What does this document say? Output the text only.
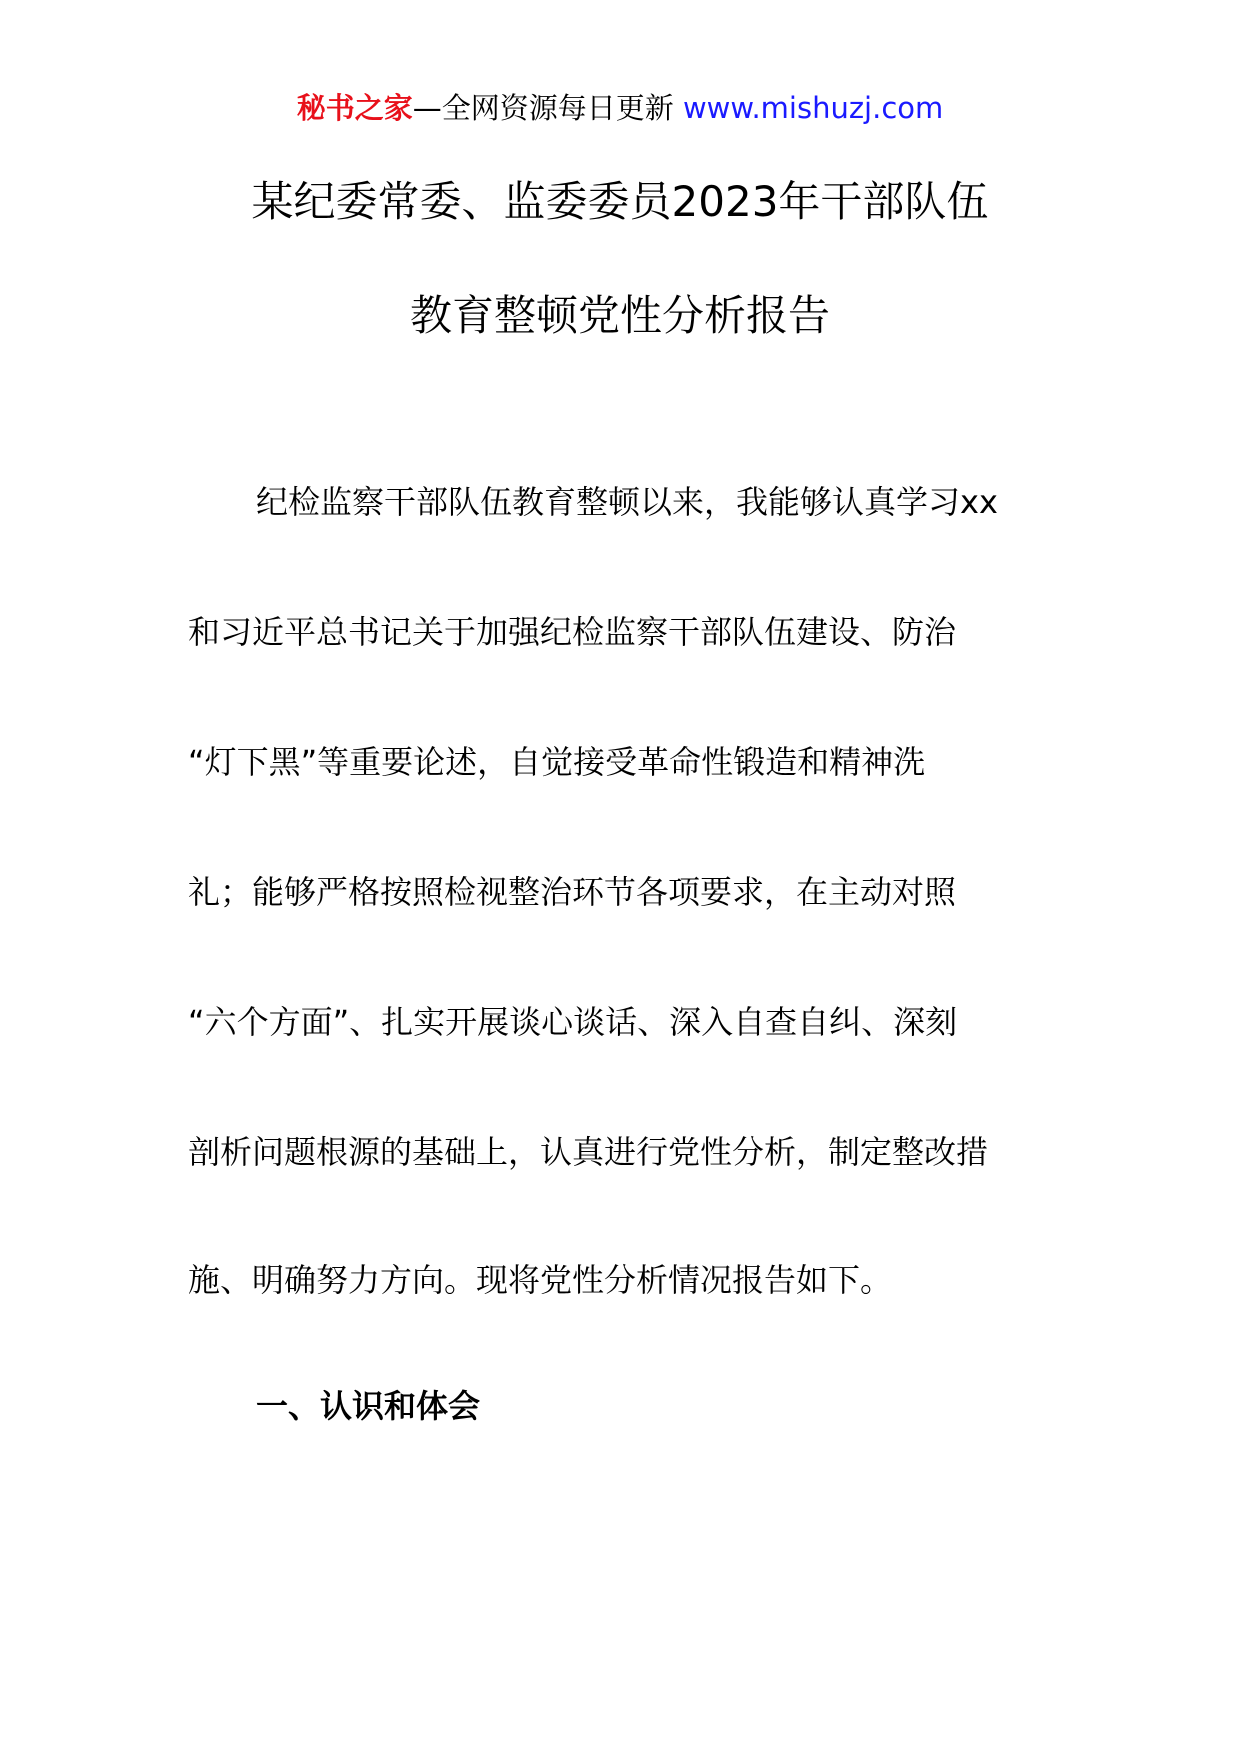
秘书之家—全网资源每日更新 www.mishuzj.com
某纪委常委、监委委员2023年干部队伍
教育整顿党性分析报告
纪检监察干部队伍教育整顿以来，我能够认真学习xx
和习近平总书记关于加强纪检监察干部队伍建设、防治
“灯下黑”等重要论述，自觉接受革命性锻造和精神洗
礼；能够严格按照检视整治环节各项要求，在主动对照
“六个方面”、扎实开展谈心谈话、深入自查自纠、深刻
剖析问题根源的基础上，认真进行党性分析，制定整改措
施、明确努力方向。现将党性分析情况报告如下。
一、认识和体会
